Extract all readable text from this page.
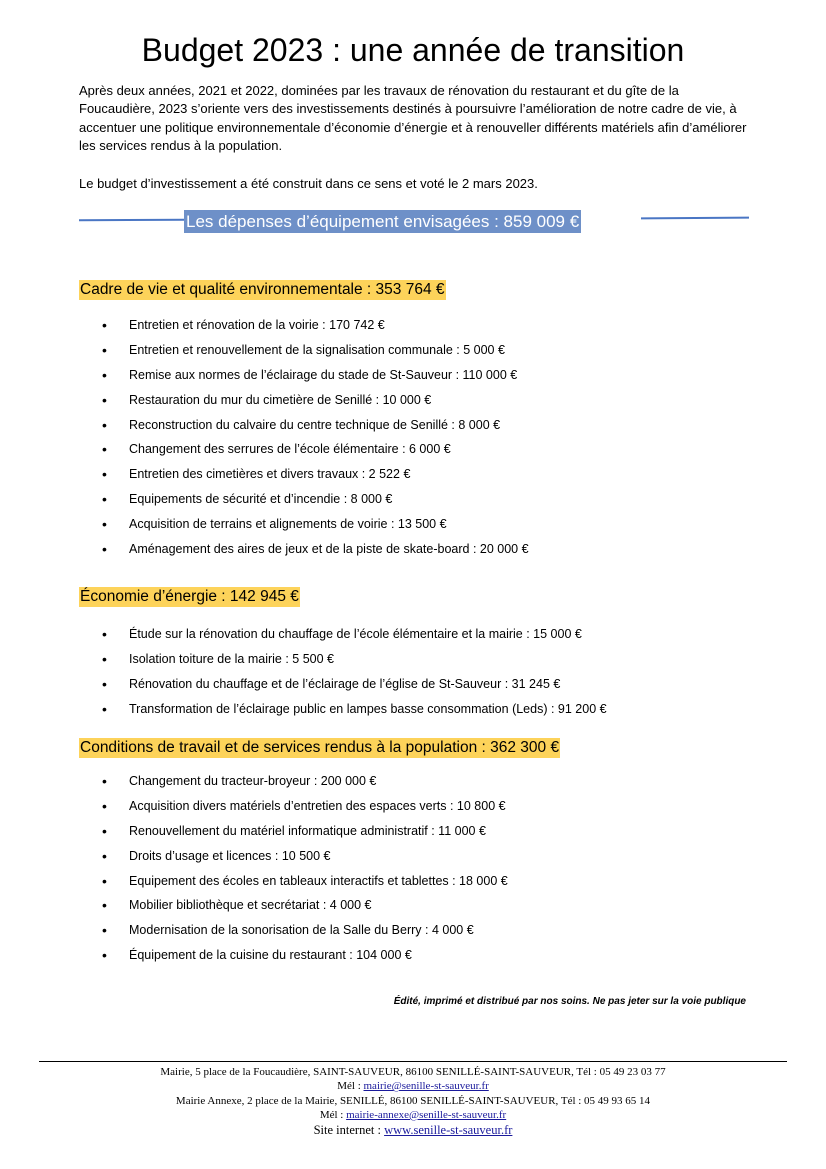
Budget 2023 : une année de transition

Après deux années, 2021 et 2022, dominées par les travaux de rénovation du restaurant et du gîte de la Foucaudière, 2023 s’oriente vers des investissements destinés à poursuivre l’amélioration de notre cadre de vie, à accentuer une politique environnementale d’économie d’énergie et à renouveller différents matériels afin d’améliorer les services rendus à la population.

Le budget d’investissement a été construit dans ce sens et voté le 2 mars 2023.

Les dépenses d’équipement envisagées : 859 009 €
Cadre de vie et qualité environnementale : 353 764 €
• Entretien et rénovation de la voirie : 170 742 €
• Entretien et renouvellement de la signalisation communale : 5 000 €
• Remise aux normes de l’éclairage du stade de St-Sauveur : 110 000 €
• Restauration du mur du cimetière de Senillé : 10 000 €
• Reconstruction du calvaire du centre technique de Senillé : 8 000 €
• Changement des serrures de l’école élémentaire : 6 000 €
• Entretien des cimetières et divers travaux : 2 522 €
• Equipements de sécurité et d’incendie : 8 000 €
• Acquisition de terrains et alignements de voirie : 13 500 €
• Aménagement des aires de jeux et de la piste de skate-board : 20 000 €
Économie d’énergie : 142 945 €
• Étude sur la rénovation du chauffage de l’école élémentaire et la mairie : 15 000 €
• Isolation toiture de la mairie : 5 500 €
• Rénovation du chauffage et de l’éclairage de l’église de St-Sauveur : 31 245 €
• Transformation de l’éclairage public en lampes basse consommation (Leds) : 91 200 €
Conditions de travail et de services rendus à la population : 362 300 €
• Changement du tracteur-broyeur : 200 000 €
• Acquisition divers matériels d’entretien des espaces verts : 10 800 €
• Renouvellement du matériel informatique administratif : 11 000 €
• Droits d’usage et licences : 10 500 €
• Equipement des écoles en tableaux interactifs et tablettes : 18 000 €
• Mobilier bibliothèque et secrétariat : 4 000 €
• Modernisation de la sonorisation de la Salle du Berry : 4 000 €
• Équipement de la cuisine du restaurant : 104 000 €

Édité, imprimé et distribué par nos soins. Ne pas jeter sur la voie publique

Mairie, 5 place de la Foucaudière, SAINT-SAUVEUR, 86100 SENILLÉ-SAINT-SAUVEUR, Tél : 05 49 23 03 77
Mél : mairie@senille-st-sauveur.fr
Mairie Annexe, 2 place de la Mairie, SENILLÉ, 86100 SENILLÉ-SAINT-SAUVEUR, Tél : 05 49 93 65 14
Mél : mairie-annexe@senille-st-sauveur.fr
Site internet : www.senille-st-sauveur.fr
